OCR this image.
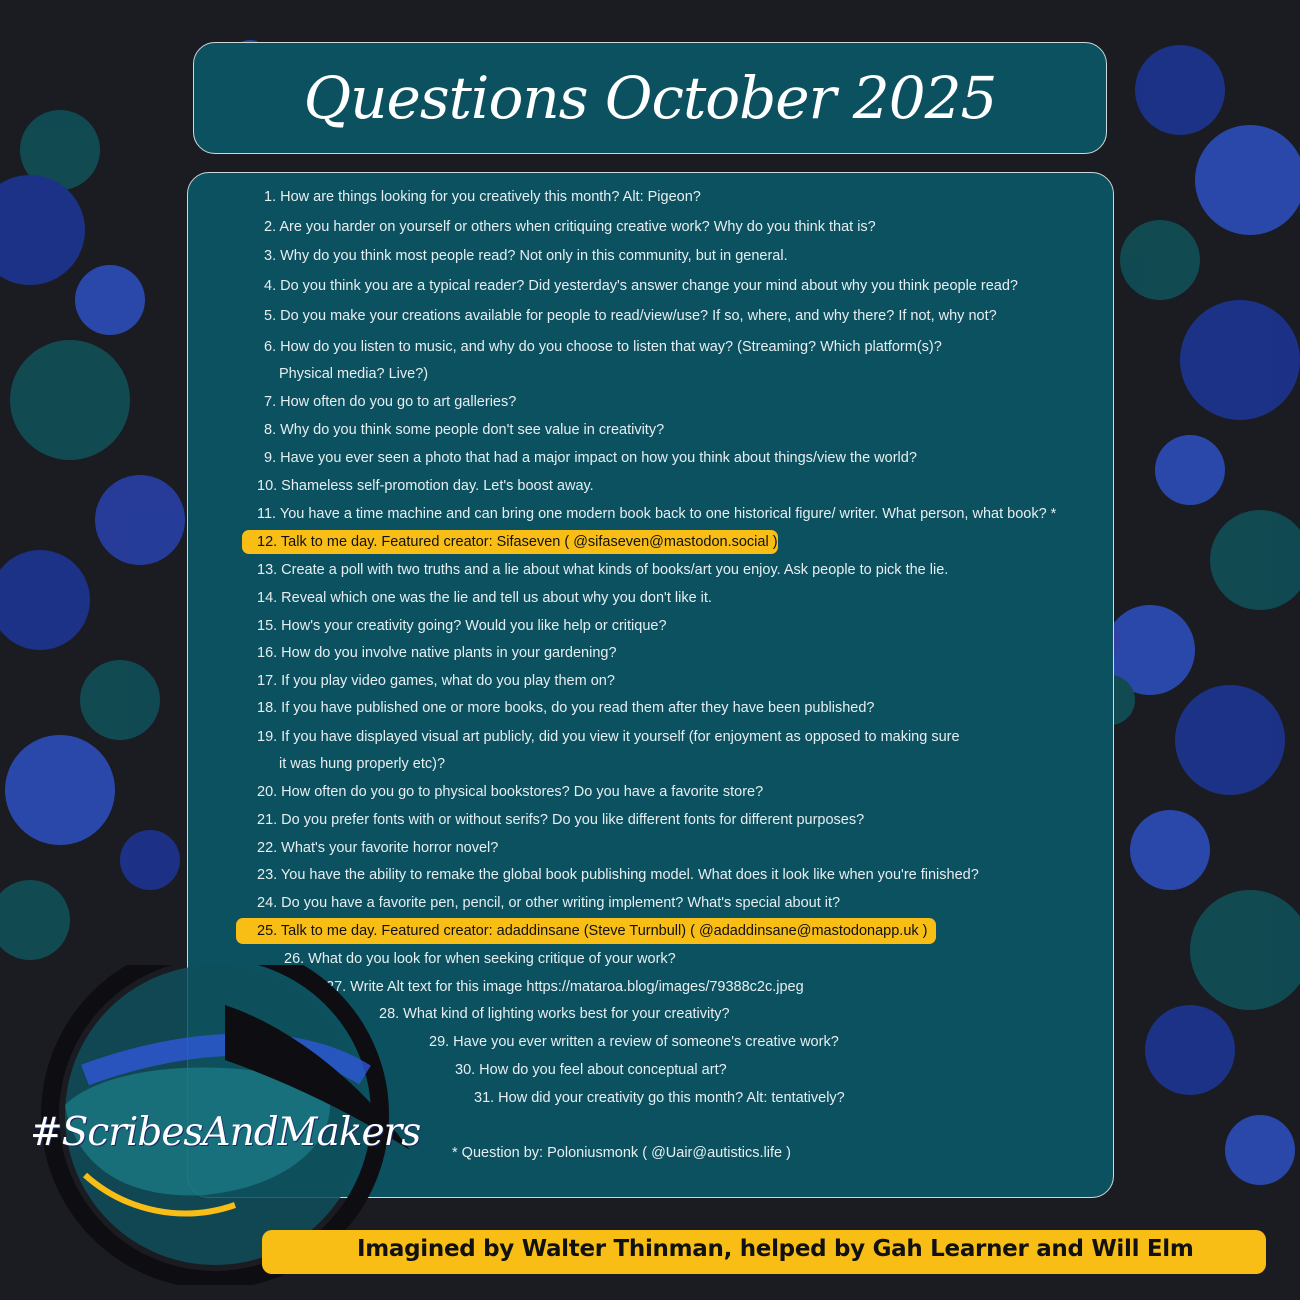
Questions October 2025
1. How are things looking for you creatively this month? Alt: Pigeon?
2. Are you harder on yourself or others when critiquing creative work? Why do you think that is?
3. Why do you think most people read? Not only in this community, but in general.
4. Do you think you are a typical reader? Did yesterday's answer change your mind about why you think people read?
5. Do you make your creations available for people to read/view/use? If so, where, and why there? If not, why not?
6. How do you listen to music, and why do you choose to listen that way? (Streaming? Which platform(s)?
Physical media? Live?)
7. How often do you go to art galleries?
8. Why do you think some people don't see value in creativity?
9. Have you ever seen a photo that had a major impact on how you think about things/view the world?
10. Shameless self-promotion day. Let's boost away.
11. You have a time machine and can bring one modern book back to one historical figure/ writer. What person, what book? *
12. Talk to me day. Featured creator: Sifaseven ( @sifaseven@mastodon.social )
13. Create a poll with two truths and a lie about what kinds of books/art you enjoy. Ask people to pick the lie.
14. Reveal which one was the lie and tell us about why you don't like it.
15. How's your creativity going? Would you like help or critique?
16. How do you involve native plants in your gardening?
17. If you play video games, what do you play them on?
18. If you have published one or more books, do you read them after they have been published?
19. If you have displayed visual art publicly, did you view it yourself (for enjoyment as opposed to making sure
it was hung properly etc)?
20. How often do you go to physical bookstores? Do you have a favorite store?
21. Do you prefer fonts with or without serifs? Do you like different fonts for different purposes?
22. What's your favorite horror novel?
23. You have the ability to remake the global book publishing model. What does it look like when you're finished?
24. Do you have a favorite pen, pencil, or other writing implement? What's special about it?
25. Talk to me day. Featured creator: adaddinsane (Steve Turnbull) ( @adaddinsane@mastodonapp.uk )
26. What do you look for when seeking critique of your work?
27. Write Alt text for this image https://mataroa.blog/images/79388c2c.jpeg
28. What kind of lighting works best for your creativity?
29. Have you ever written a review of someone's creative work?
30. How do you feel about conceptual art?
31. How did your creativity go this month? Alt: tentatively?
* Question by: Poloniusmonk ( @Uair@autistics.life )
#ScribesAndMakers
Imagined by Walter Thinman, helped by Gah Learner and Will Elm
